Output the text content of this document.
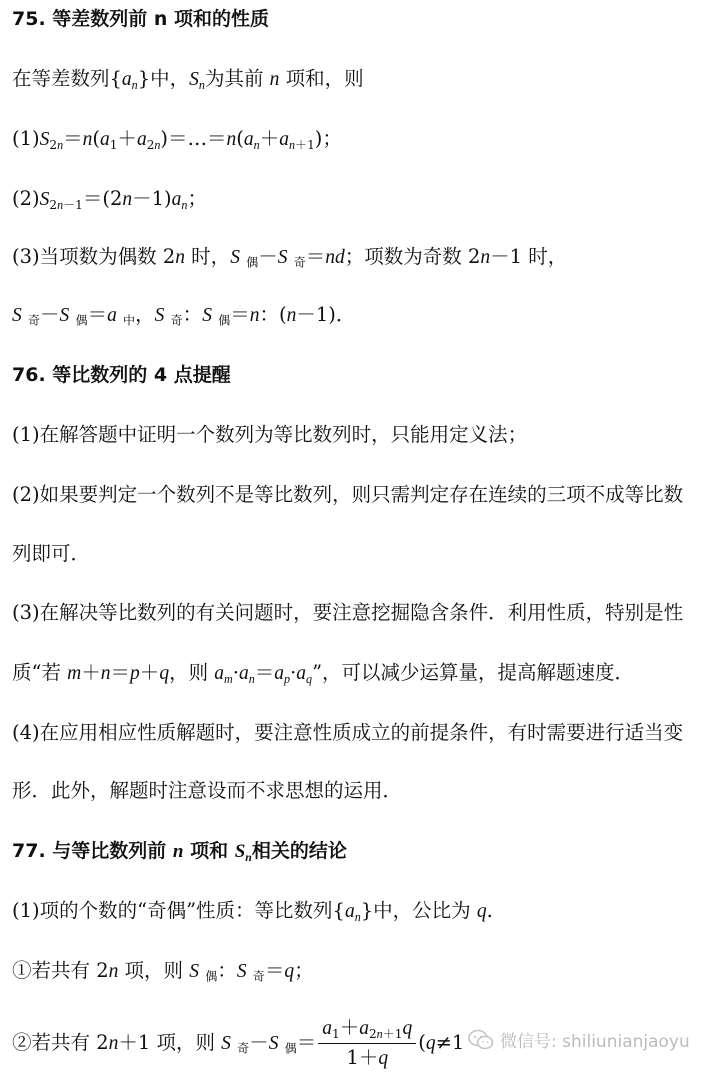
75. 等差数列前 n 项和的性质
在等差数列$\{a_n\}$中，$S_n$为其前 n 项和，则
$(1)S_{2n}=n(a_1+a_{2n})=\dots=n(a_n+a_{n+1})$；
$(2)S_{2n-1}=(2n-1)a_n$；
(3)当项数为偶数 2n 时，S 偶－S 奇＝nd；项数为奇数 2n－1 时，
S 奇－S 偶＝a 中，S 奇：S 偶＝n：(n－1)．
76. 等比数列的 4 点提醒
(1)在解答题中证明一个数列为等比数列时，只能用定义法；
(2)如果要判定一个数列不是等比数列，则只需判定存在连续的三项不成等比数
列即可．
(3)在解决等比数列的有关问题时，要注意挖掘隐含条件．利用性质，特别是性
质“若 m＋n＝p＋q，则 $a_m\cdot a_n=a_p\cdot a_q$”，可以减少运算量，提高解题速度．
(4)在应用相应性质解题时，要注意性质成立的前提条件，有时需要进行适当变
形．此外，解题时注意设而不求思想的运用．
77. 与等比数列前 n 项和 $S_n$相关的结论
(1)项的个数的“奇偶”性质：等比数列$\{a_n\}$中，公比为 q.
①若共有 2n 项，则 S 偶：S 奇＝q；
②若共有 2n＋1 项，则 S 奇－S 偶＝ $\frac{a_1+a_{2n+1}q}{1+q} (q\ne 1$	微信号: shiliunianjaoyu
